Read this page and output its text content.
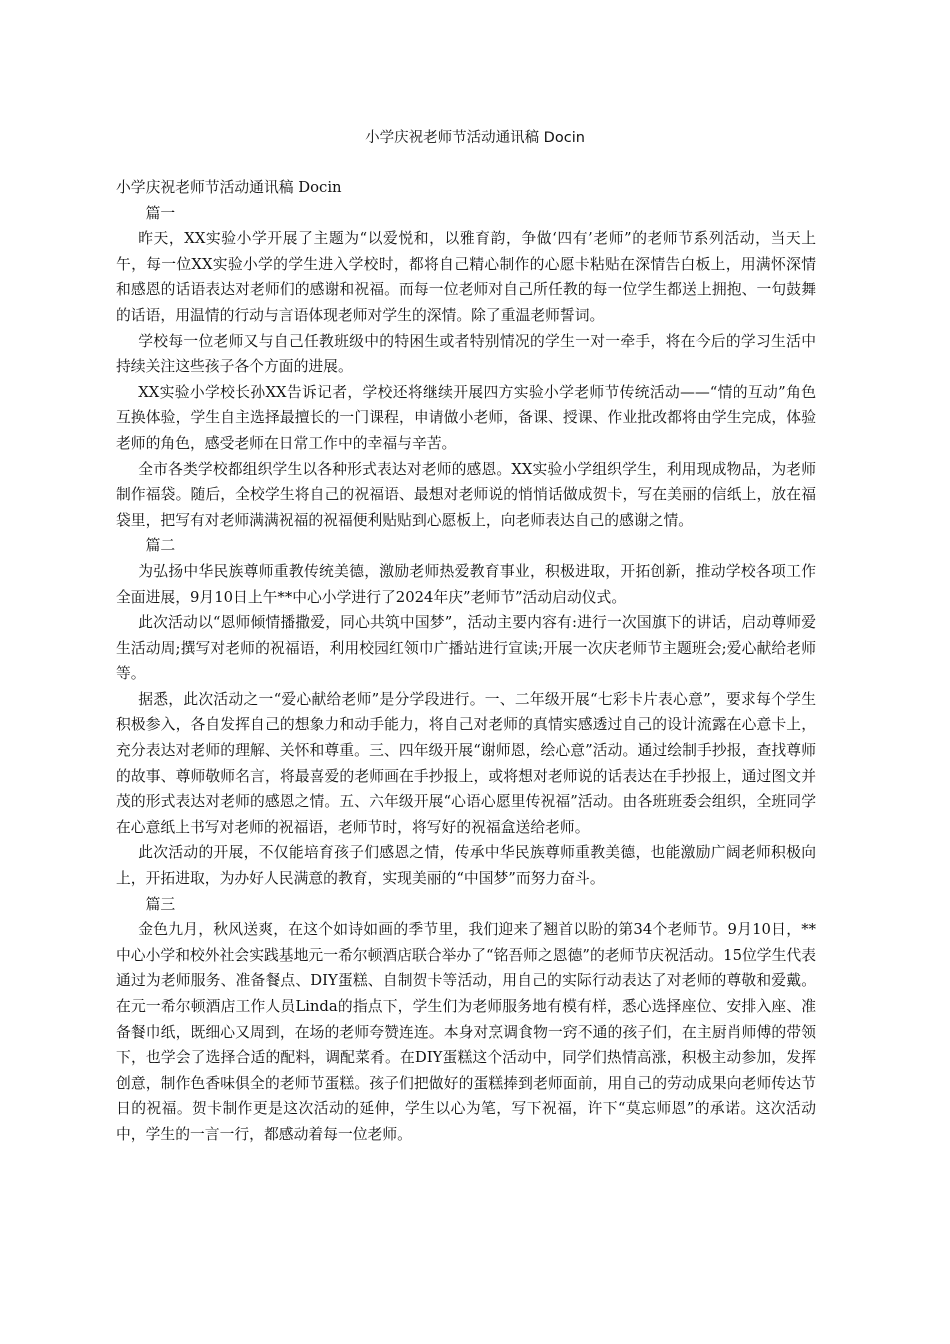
小学庆祝老师节活动通讯稿 Docin

小学庆祝老师节活动通讯稿 Docin

篇一

昨天，XX实验小学开展了主题为“以爱悦和，以雅育韵，争做‘四有’老师”的老师节系列活动，当天上午，每一位XX实验小学的学生进入学校时，都将自己精心制作的心愿卡粘贴在深情告白板上，用满怀深情和感恩的话语表达对老师们的感谢和祝福。而每一位老师对自己所任教的每一位学生都送上拥抱、一句鼓舞的话语，用温情的行动与言语体现老师对学生的深情。除了重温老师誓词。

学校每一位老师又与自己任教班级中的特困生或者特别情况的学生一对一牵手，将在今后的学习生活中持续关注这些孩子各个方面的进展。

XX实验小学校长孙XX告诉记者，学校还将继续开展四方实验小学老师节传统活动——“情的互动”角色互换体验，学生自主选择最擅长的一门课程，申请做小老师，备课、授课、作业批改都将由学生完成，体验老师的角色，感受老师在日常工作中的幸福与辛苦。

全市各类学校都组织学生以各种形式表达对老师的感恩。XX实验小学组织学生，利用现成物品，为老师制作福袋。随后，全校学生将自己的祝福语、最想对老师说的悄悄话做成贺卡，写在美丽的信纸上，放在福袋里，把写有对老师满满祝福的祝福便利贴贴到心愿板上，向老师表达自己的感谢之情。

篇二

为弘扬中华民族尊师重教传统美德，激励老师热爱教育事业，积极进取，开拓创新，推动学校各项工作全面进展，9月10日上午**中心小学进行了2024年庆”老师节”活动启动仪式。

此次活动以“恩师倾情播撒爱，同心共筑中国梦”，活动主要内容有:进行一次国旗下的讲话，启动尊师爱生活动周;撰写对老师的祝福语，利用校园红领巾广播站进行宣读;开展一次庆老师节主题班会;爱心献给老师等。

据悉，此次活动之一“爱心献给老师”是分学段进行。一、二年级开展“七彩卡片表心意”，要求每个学生积极参入，各自发挥自己的想象力和动手能力，将自己对老师的真情实感透过自己的设计流露在心意卡上，充分表达对老师的理解、关怀和尊重。三、四年级开展“谢师恩，绘心意”活动。通过绘制手抄报，查找尊师的故事、尊师敬师名言，将最喜爱的老师画在手抄报上，或将想对老师说的话表达在手抄报上，通过图文并茂的形式表达对老师的感恩之情。五、六年级开展“心语心愿里传祝福”活动。由各班班委会组织，全班同学在心意纸上书写对老师的祝福语，老师节时，将写好的祝福盒送给老师。

此次活动的开展，不仅能培育孩子们感恩之情，传承中华民族尊师重教美德，也能激励广阔老师积极向上，开拓进取，为办好人民满意的教育，实现美丽的“中国梦”而努力奋斗。

篇三

金色九月，秋风送爽，在这个如诗如画的季节里，我们迎来了翘首以盼的第34个老师节。9月10日，**中心小学和校外社会实践基地元一希尔顿酒店联合举办了“铭吾师之恩德”的老师节庆祝活动。15位学生代表通过为老师服务、准备餐点、DIY蛋糕、自制贺卡等活动，用自己的实际行动表达了对老师的尊敬和爱戴。在元一希尔顿酒店工作人员Linda的指点下，学生们为老师服务地有模有样，悉心选择座位、安排入座、准备餐巾纸，既细心又周到，在场的老师夸赞连连。本身对烹调食物一窍不通的孩子们，在主厨肖师傅的带领下，也学会了选择合适的配料，调配菜肴。在DIY蛋糕这个活动中，同学们热情高涨，积极主动参加，发挥创意，制作色香味俱全的老师节蛋糕。孩子们把做好的蛋糕捧到老师面前，用自己的劳动成果向老师传达节日的祝福。贺卡制作更是这次活动的延伸，学生以心为笔，写下祝福，许下“莫忘师恩”的承诺。这次活动中，学生的一言一行，都感动着每一位老师。
